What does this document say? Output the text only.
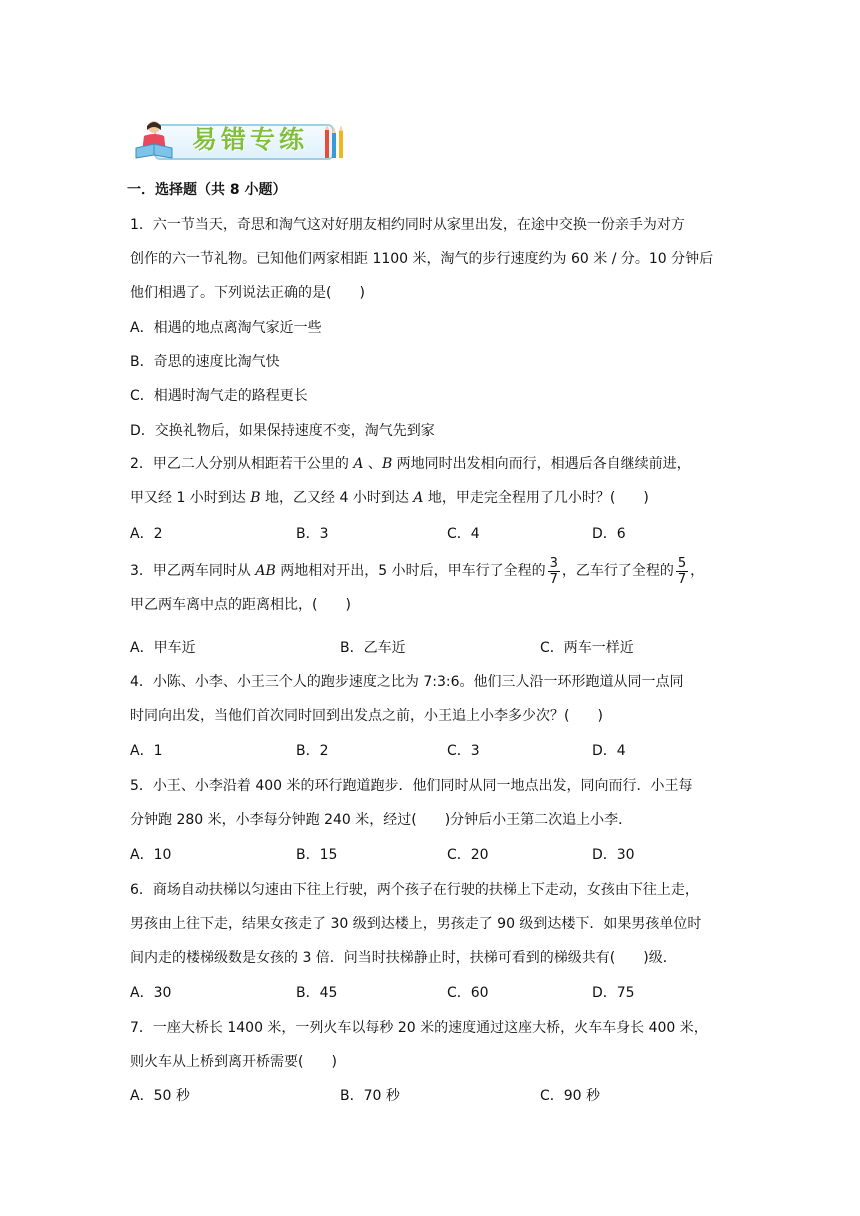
易错专练
一．选择题（共 8 小题）
1．六一节当天，奇思和淘气这对好朋友相约同时从家里出发，在途中交换一份亲手为对方
创作的六一节礼物。已知他们两家相距 1100 米，淘气的步行速度约为 60 米 / 分。10 分钟后
他们相遇了。下列说法正确的是(　　)
A．相遇的地点离淘气家近一些
B．奇思的速度比淘气快
C．相遇时淘气走的路程更长
D．交换礼物后，如果保持速度不变，淘气先到家
2．甲乙二人分别从相距若干公里的 A 、B 两地同时出发相向而行，相遇后各自继续前进，
甲又经 1 小时到达 B 地，乙又经 4 小时到达 A 地，甲走完全程用了几小时？(　　)
A．2	B．3	C．4	D．6
3．甲乙两车同时从 AB 两地相对开出，5 小时后，甲车行了全程的 $\frac{3}{7}$ ，乙车行了全程的 $\frac{5}{7}$ ，
甲乙两车离中点的距离相比，(　　)
A．甲车近	B．乙车近	C．两车一样近
4．小陈、小李、小王三个人的跑步速度之比为 7:3:6。他们三人沿一环形跑道从同一点同
时同向出发，当他们首次同时回到出发点之前，小王追上小李多少次？(　　)
A．1	B．2	C．3	D．4
5．小王、小李沿着 400 米的环行跑道跑步．他们同时从同一地点出发，同向而行．小王每
分钟跑 280 米，小李每分钟跑 240 米，经过(　　)分钟后小王第二次追上小李．
A．10	B．15	C．20	D．30
6．商场自动扶梯以匀速由下往上行驶，两个孩子在行驶的扶梯上下走动，女孩由下往上走，
男孩由上往下走，结果女孩走了 30 级到达楼上，男孩走了 90 级到达楼下．如果男孩单位时
间内走的楼梯级数是女孩的 3 倍．问当时扶梯静止时，扶梯可看到的梯级共有(　　)级．
A．30	B．45	C．60	D．75
7．一座大桥长 1400 米，一列火车以每秒 20 米的速度通过这座大桥，火车车身长 400 米，
则火车从上桥到离开桥需要(　　)
A．50 秒	B．70 秒	C．90 秒
